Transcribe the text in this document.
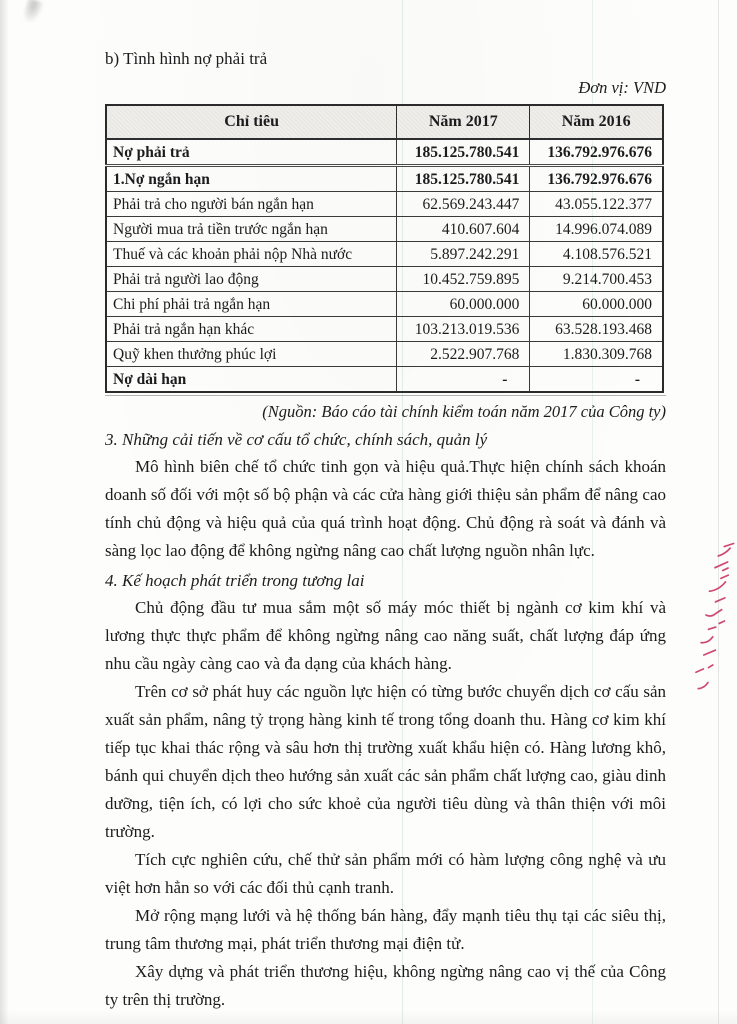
b) Tình hình nợ phải trả
Đơn vị: VND
Chỉ tiêu	Năm 2017	Năm 2016
Nợ phải trả	185.125.780.541	136.792.976.676
1.Nợ ngắn hạn	185.125.780.541	136.792.976.676
Phải trả cho người bán ngắn hạn	62.569.243.447	43.055.122.377
Người mua trả tiền trước ngắn hạn	410.607.604	14.996.074.089
Thuế và các khoản phải nộp Nhà nước	5.897.242.291	4.108.576.521
Phải trả người lao động	10.452.759.895	9.214.700.453
Chi phí phải trả ngắn hạn	60.000.000	60.000.000
Phải trả ngắn hạn khác	103.213.019.536	63.528.193.468
Quỹ khen thưởng phúc lợi	2.522.907.768	1.830.309.768
Nợ dài hạn	-	-
(Nguồn: Báo cáo tài chính kiểm toán năm 2017 của Công ty)
3. Những cải tiến về cơ cấu tổ chức, chính sách, quản lý

Mô hình biên chế tổ chức tinh gọn và hiệu quả.Thực hiện chính sách khoán doanh số đối với một số bộ phận và các cửa hàng giới thiệu sản phẩm để nâng cao tính chủ động và hiệu quả của quá trình hoạt động. Chủ động rà soát và đánh và sàng lọc lao động để không ngừng nâng cao chất lượng nguồn nhân lực.

4. Kế hoạch phát triển trong tương lai

Chủ động đầu tư mua sắm một số máy móc thiết bị ngành cơ kim khí và lương thực thực phẩm để không ngừng nâng cao năng suất, chất lượng đáp ứng nhu cầu ngày càng cao và đa dạng của khách hàng.

Trên cơ sở phát huy các nguồn lực hiện có từng bước chuyển dịch cơ cấu sản xuất sản phẩm, nâng tỷ trọng hàng kinh tế trong tổng doanh thu. Hàng cơ kim khí tiếp tục khai thác rộng và sâu hơn thị trường xuất khẩu hiện có. Hàng lương khô, bánh qui chuyển dịch theo hướng sản xuất các sản phẩm chất lượng cao, giàu dinh dưỡng, tiện ích, có lợi cho sức khoẻ của người tiêu dùng và thân thiện với môi trường.

Tích cực nghiên cứu, chế thử sản phẩm mới có hàm lượng công nghệ và ưu việt hơn hẳn so với các đối thủ cạnh tranh.

Mở rộng mạng lưới và hệ thống bán hàng, đẩy mạnh tiêu thụ tại các siêu thị, trung tâm thương mại, phát triển thương mại điện tử.

Xây dựng và phát triển thương hiệu, không ngừng nâng cao vị thế của Công ty trên thị trường.
